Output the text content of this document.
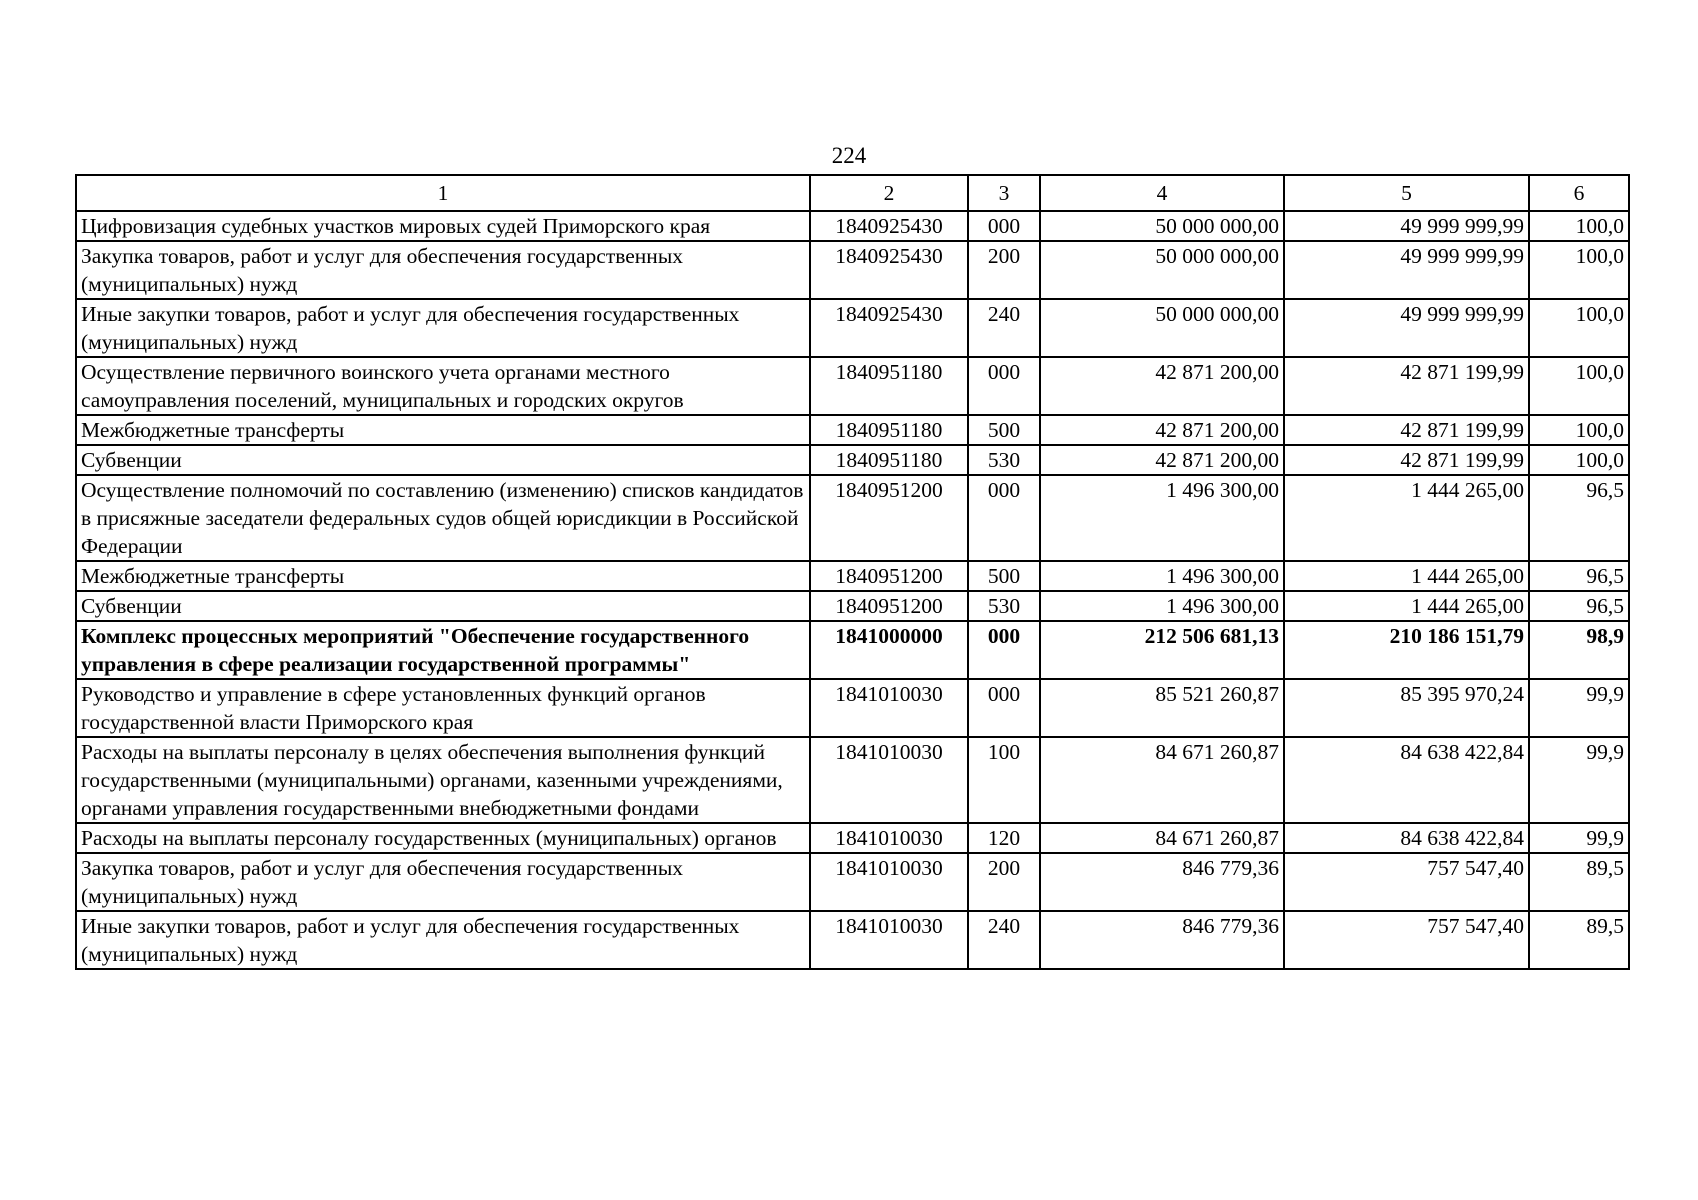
224
1	2	3	4	5	6
Цифровизация судебных участков мировых судей Приморского края	1840925430	000	50 000 000,00	49 999 999,99	100,0
Закупка товаров, работ и услуг для обеспечения государственных (муниципальных) нужд	1840925430	200	50 000 000,00	49 999 999,99	100,0
Иные закупки товаров, работ и услуг для обеспечения государственных (муниципальных) нужд	1840925430	240	50 000 000,00	49 999 999,99	100,0
Осуществление первичного воинского учета органами местного самоуправления поселений, муниципальных и городских округов	1840951180	000	42 871 200,00	42 871 199,99	100,0
Межбюджетные трансферты	1840951180	500	42 871 200,00	42 871 199,99	100,0
Субвенции	1840951180	530	42 871 200,00	42 871 199,99	100,0
Осуществление полномочий по составлению (изменению) списков кандидатов в присяжные заседатели федеральных судов общей юрисдикции в Российской Федерации	1840951200	000	1 496 300,00	1 444 265,00	96,5
Межбюджетные трансферты	1840951200	500	1 496 300,00	1 444 265,00	96,5
Субвенции	1840951200	530	1 496 300,00	1 444 265,00	96,5
Комплекс процессных мероприятий "Обеспечение государственного управления в сфере реализации государственной программы"	1841000000	000	212 506 681,13	210 186 151,79	98,9
Руководство и управление в сфере установленных функций органов государственной власти Приморского края	1841010030	000	85 521 260,87	85 395 970,24	99,9
Расходы на выплаты персоналу в целях обеспечения выполнения функций государственными (муниципальными) органами, казенными учреждениями, органами управления государственными внебюджетными фондами	1841010030	100	84 671 260,87	84 638 422,84	99,9
Расходы на выплаты персоналу государственных (муниципальных) органов	1841010030	120	84 671 260,87	84 638 422,84	99,9
Закупка товаров, работ и услуг для обеспечения государственных (муниципальных) нужд	1841010030	200	846 779,36	757 547,40	89,5
Иные закупки товаров, работ и услуг для обеспечения государственных (муниципальных) нужд	1841010030	240	846 779,36	757 547,40	89,5
